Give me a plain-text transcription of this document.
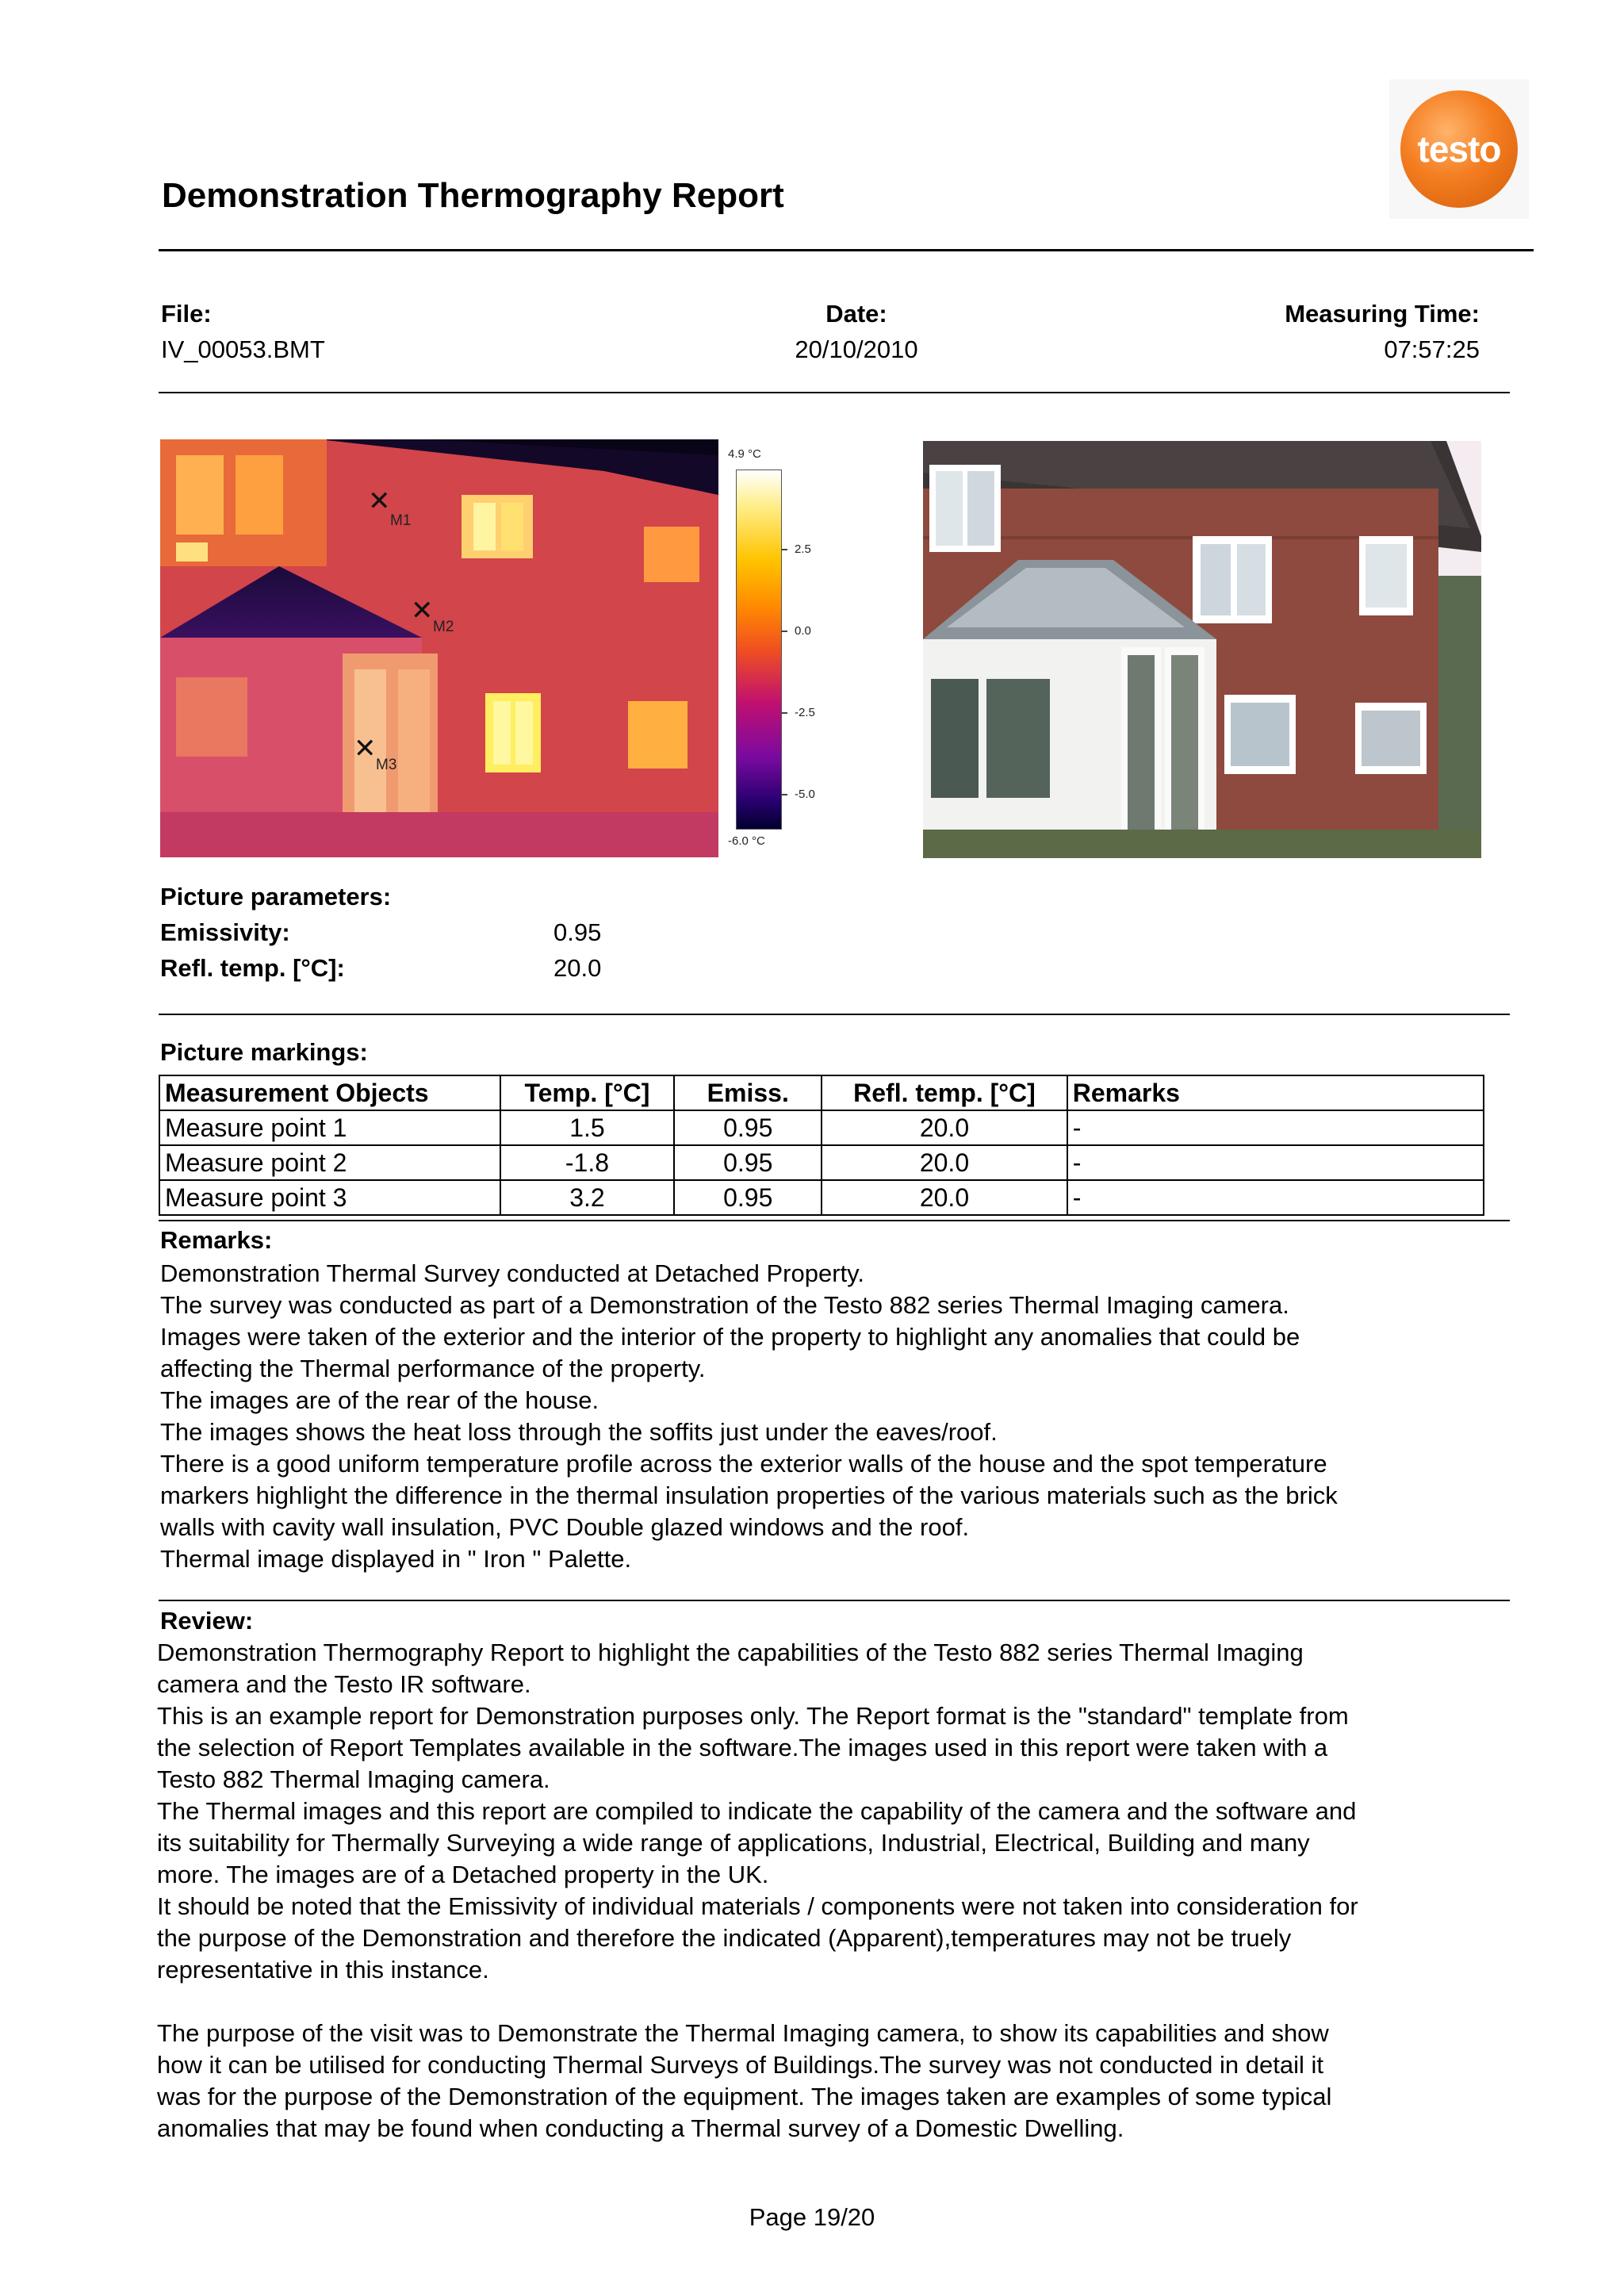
Demonstration Thermography Report
testo
File:
IV_00053.BMT
Date:
20/10/2010
Measuring Time:
07:57:25
✕
M1
✕
M2
✕
M3
4.9 °C
2.5
0.0
-2.5
-5.0
-6.0 °C
Picture parameters:
Emissivity:	0.95
Refl. temp. [°C]:	20.0
Picture markings:
Measurement Objects	Temp. [°C]	Emiss.	Refl. temp. [°C]	Remarks
Measure point 1	1.5	0.95	20.0	-
Measure point 2	-1.8	0.95	20.0	-
Measure point 3	3.2	0.95	20.0	-
Remarks:

Demonstration Thermal Survey conducted at Detached Property.

The survey was conducted as part of a Demonstration of the Testo 882 series Thermal Imaging camera.

Images were taken of the exterior and the interior of the property to highlight any anomalies that could be

affecting the Thermal performance of the property.

The images are of the rear of the house.

The images shows the heat loss through the soffits just under the eaves/roof.

There is a good uniform temperature profile across the exterior walls of the house and the spot temperature

markers highlight the difference in the thermal insulation properties of the various materials such as the brick

walls with cavity wall insulation, PVC Double glazed windows and the roof.

Thermal image displayed in " Iron " Palette.

Review:

Demonstration Thermography Report to highlight the capabilities of the Testo 882 series Thermal Imaging

camera and the Testo IR software.

This is an example report for Demonstration purposes only. The Report format is the "standard" template from

the selection of Report Templates available in the software.The images used in this report were taken with a

Testo 882 Thermal Imaging camera.

The Thermal images and this report are compiled to indicate the capability of the camera and the software and

its suitability for Thermally Surveying a wide range of applications, Industrial, Electrical, Building and many

more. The images are of a Detached property in the UK.

It should be noted that the Emissivity of individual materials / components were not taken into consideration for

the purpose of the Demonstration and therefore the indicated (Apparent),temperatures may not be truely

representative in this instance.

The purpose of the visit was to Demonstrate the Thermal Imaging camera, to show its capabilities and show

how it can be utilised for conducting Thermal Surveys of Buildings.The survey was not conducted in detail it

was for the purpose of the Demonstration of the equipment. The images taken are examples of some typical

anomalies that may be found when conducting a Thermal survey of a Domestic Dwelling.

Page 19/20
